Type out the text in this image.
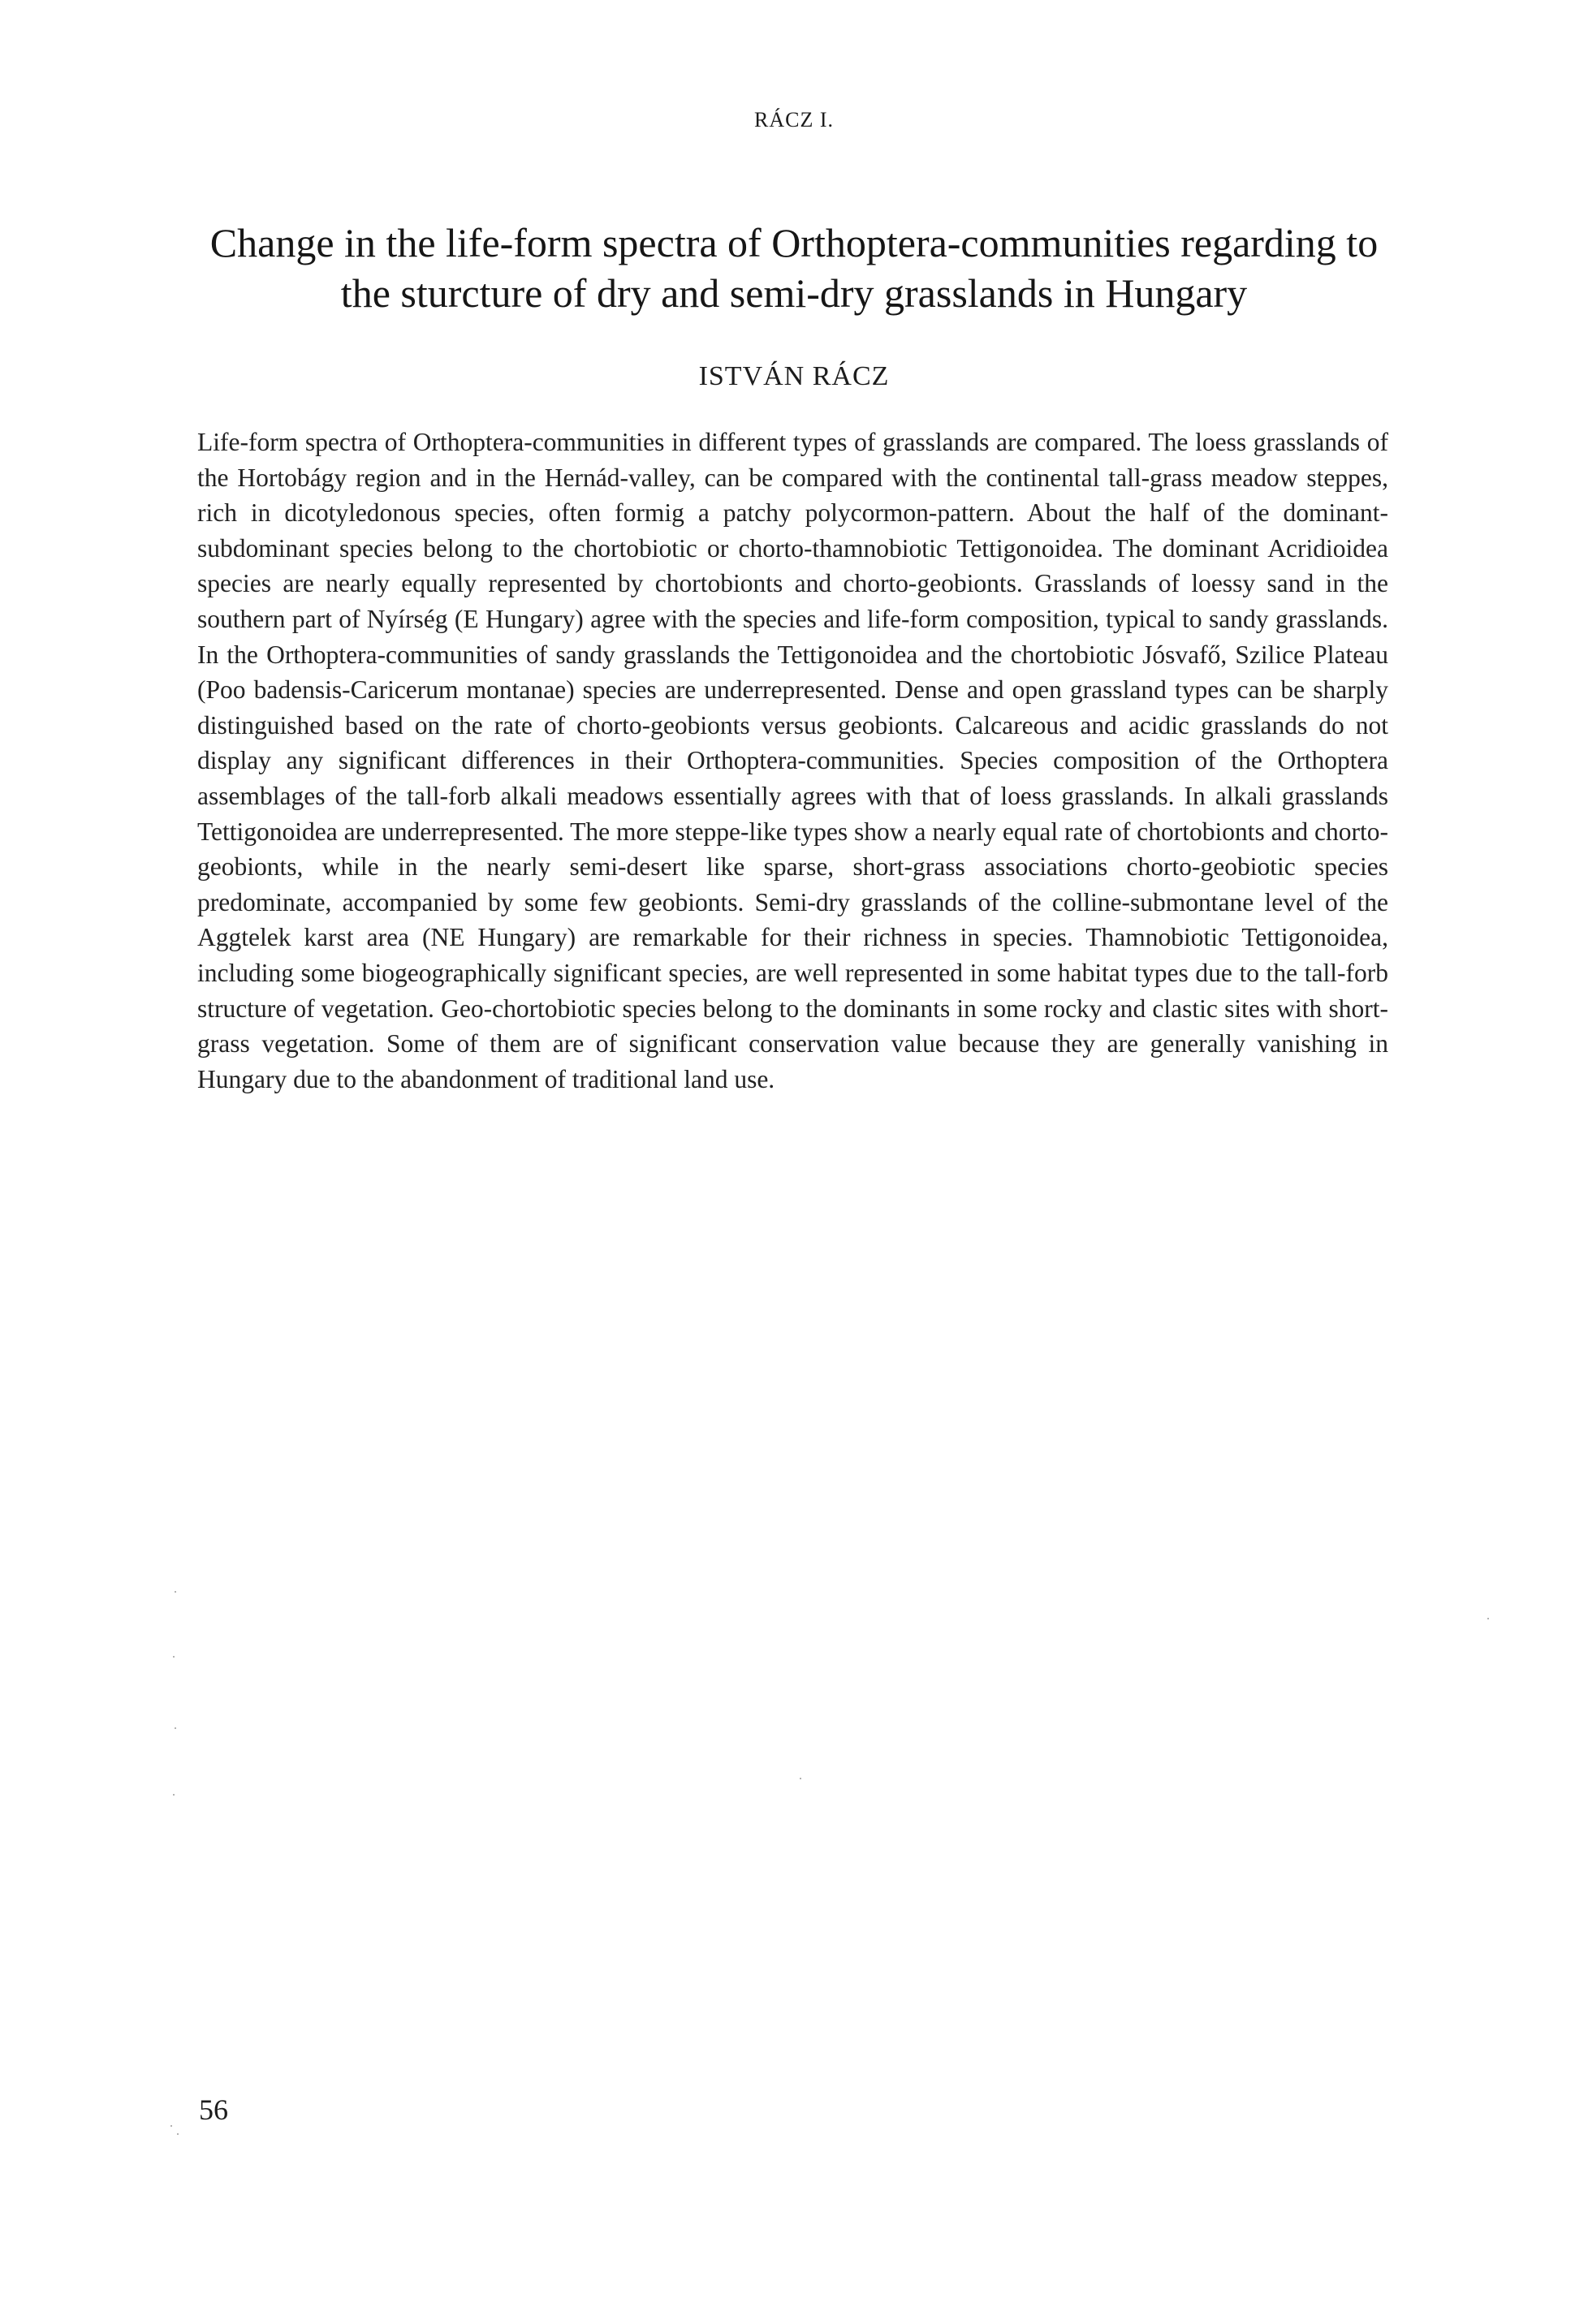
RÁCZ I.
Change in the life-form spectra of Orthoptera-communities regarding to the sturcture of dry and semi-dry grasslands in Hungary
ISTVÁN RÁCZ

Life-form spectra of Orthoptera-communities in different types of grasslands are compared. The loess grasslands of the Hortobágy region and in the Hernád-valley, can be compared with the continental tall-grass meadow steppes, rich in dicotyledonous species, often formig a patchy polycormon-pattern. About the half of the dominant-subdominant species belong to the chortobiotic or chorto-thamnobiotic Tettigonoidea. The dominant Acridioidea species are nearly equally represented by chortobionts and chorto-geobionts. Grasslands of loessy sand in the southern part of Nyírség (E Hungary) agree with the species and life-form composition, typical to sandy grasslands. In the Orthoptera-communities of sandy grasslands the Tettigonoidea and the chortobiotic Jósvafő, Szilice Plateau (Poo badensis-Caricerum montanae) species are underrepresented. Dense and open grassland types can be sharply distinguished based on the rate of chorto-geobionts versus geobionts. Calcareous and acidic grasslands do not display any significant differences in their Orthoptera-communities. Species composition of the Orthoptera assemblages of the tall-forb alkali meadows essentially agrees with that of loess grasslands. In alkali grasslands Tettigonoidea are underrepresented. The more steppe-like types show a nearly equal rate of chortobionts and chorto-geobionts, while in the nearly semi-desert like sparse, short-grass associations chorto-geobiotic species predominate, accompanied by some few geobionts. Semi-dry grasslands of the colline-submontane level of the Aggtelek karst area (NE Hungary) are remarkable for their richness in species. Thamnobiotic Tettigonoidea, including some biogeographically significant species, are well represented in some habitat types due to the tall-forb structure of vegetation. Geo-chortobiotic species belong to the dominants in some rocky and clastic sites with short-grass vegetation. Some of them are of significant conservation value because they are generally vanishing in Hungary due to the abandonment of traditional land use.

56
